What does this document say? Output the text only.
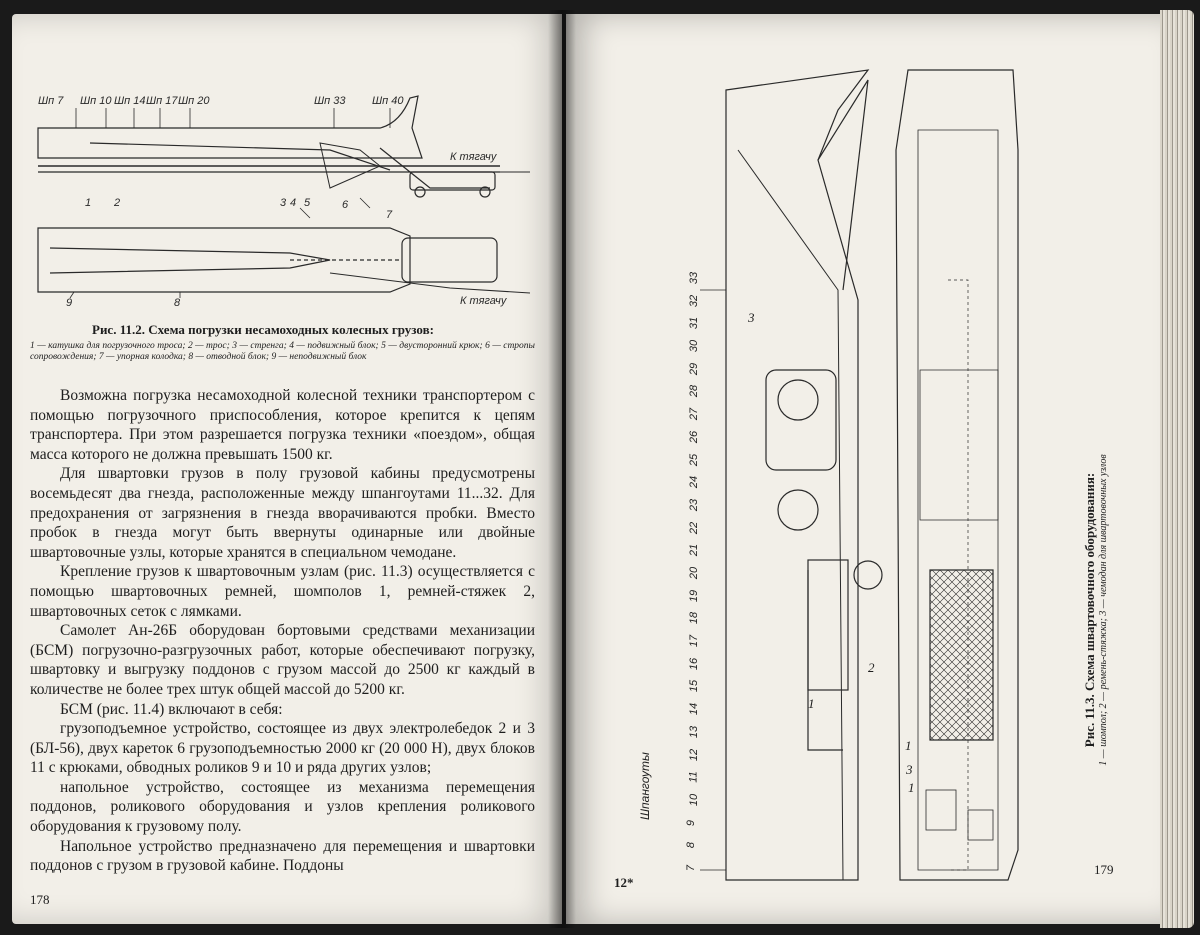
Шп 7 Шп 10 Шп 14 Шп 17 Шп 20	Шп 33 Шп 40
К тягачу
К тягачу
1 2	3 4 5	6
7
9	8
Рис. 11.2. Схема погрузки несамоходных колесных грузов:
1 — катушка для погрузочного троса; 2 — трос; 3 — стренга; 4 — подвижный блок; 5 — двусторонний крюк; 6 — стропы сопровождения; 7 — упорная колодка; 8 — отводной блок; 9 — неподвижный блок

Возможна погрузка несамоходной колесной техники транспортером с помощью погрузочного приспособления, которое крепится к цепям транспортера. При этом разрешается погрузка техники «поездом», общая масса которого не должна превышать 1500 кг.

Для швартовки грузов в полу грузовой кабины предусмотрены восемьдесят два гнезда, расположенные между шпангоутами 11...32. Для предохранения от загрязнения в гнезда вворачиваются пробки. Вместо пробок в гнезда могут быть ввернуты одинарные или двойные швартовочные узлы, которые хранятся в специальном чемодане.

Крепление грузов к швартовочным узлам (рис. 11.3) осуществляется с помощью швартовочных ремней, шомполов 1, ремней-стяжек 2, швартовочных сеток с лямками.

Самолет Ан-26Б оборудован бортовыми средствами механизации (БСМ) погрузочно-разгрузочных работ, которые обеспечивают погрузку, швартовку и выгрузку поддонов с грузом массой до 2500 кг каждый в количестве не более трех штук общей массой до 5200 кг.

БСМ (рис. 11.4) включают в себя:

грузоподъемное устройство, состоящее из двух электролебедок 2 и 3 (БЛ-56), двух кареток 6 грузоподъемностью 2000 кг (20 000 Н), двух блоков 11 с крюками, обводных роликов 9 и 10 и ряда других узлов;

напольное устройство, состоящее из механизма перемещения поддонов, роликового оборудования и узлов крепления роликового оборудования к грузовому полу.

Напольное устройство предназначено для перемещения и швартовки поддонов с грузом в грузовой кабине. Поддоны

178
7
8
9
10
11
12
13
14
15
16
17
18
19
20
21
22
23
24
25
26
27
28
29
30
31
32
33
Шпангоуты
3
2
1
1
3
1
Рис. 11.3. Схема швартовочного оборудования: 1 — шомпол; 2 — ремень-стяжка; 3 — чемодан для швартовочных узлов
12*
179
